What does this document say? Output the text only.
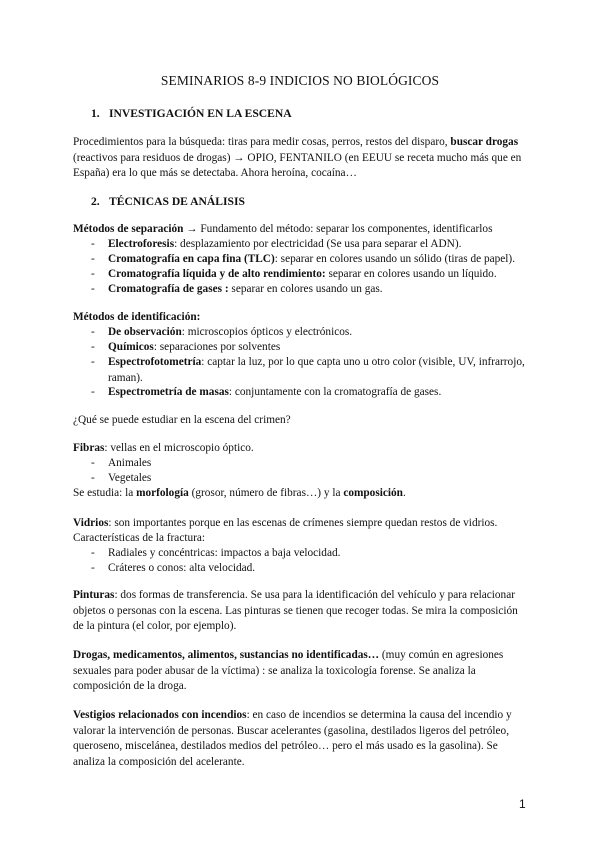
SEMINARIOS 8-9 INDICIOS NO BIOLÓGICOS
1. INVESTIGACIÓN EN LA ESCENA
Procedimientos para la búsqueda: tiras para medir cosas, perros, restos del disparo, buscar drogas (reactivos para residuos de drogas) → OPIO, FENTANILO (en EEUU se receta mucho más que en España) era lo que más se detectaba. Ahora heroína, cocaína…
2. TÉCNICAS DE ANÁLISIS
Métodos de separación → Fundamento del método: separar los componentes, identificarlos
- Electroforesis: desplazamiento por electricidad (Se usa para separar el ADN).
- Cromatografía en capa fina (TLC): separar en colores usando un sólido (tiras de papel).
- Cromatografía líquida y de alto rendimiento: separar en colores usando un líquido.
- Cromatografía de gases : separar en colores usando un gas.
Métodos de identificación:
- De observación: microscopios ópticos y electrónicos.
- Químicos: separaciones por solventes
- Espectrofotometría: captar la luz, por lo que capta uno u otro color (visible, UV, infrarrojo, raman).
- Espectrometría de masas: conjuntamente con la cromatografía de gases.
¿Qué se puede estudiar en la escena del crimen?
Fibras: vellas en el microscopio óptico.
- Animales
- Vegetales
Se estudia: la morfología (grosor, número de fibras…) y la composición.
Vidrios: son importantes porque en las escenas de crímenes siempre quedan restos de vidrios.
Características de la fractura:
- Radiales y concéntricas: impactos a baja velocidad.
- Cráteres o conos: alta velocidad.
Pinturas: dos formas de transferencia. Se usa para la identificación del vehículo y para relacionar objetos o personas con la escena. Las pinturas se tienen que recoger todas. Se mira la composición de la pintura (el color, por ejemplo).
Drogas, medicamentos, alimentos, sustancias no identificadas… (muy común en agresiones sexuales para poder abusar de la víctima) : se analiza la toxicología forense. Se analiza la composición de la droga.
Vestigios relacionados con incendios: en caso de incendios se determina la causa del incendio y valorar la intervención de personas. Buscar acelerantes (gasolina, destilados ligeros del petróleo, queroseno, miscelánea, destilados medios del petróleo… pero el más usado es la gasolina). Se analiza la composición del acelerante.
1
